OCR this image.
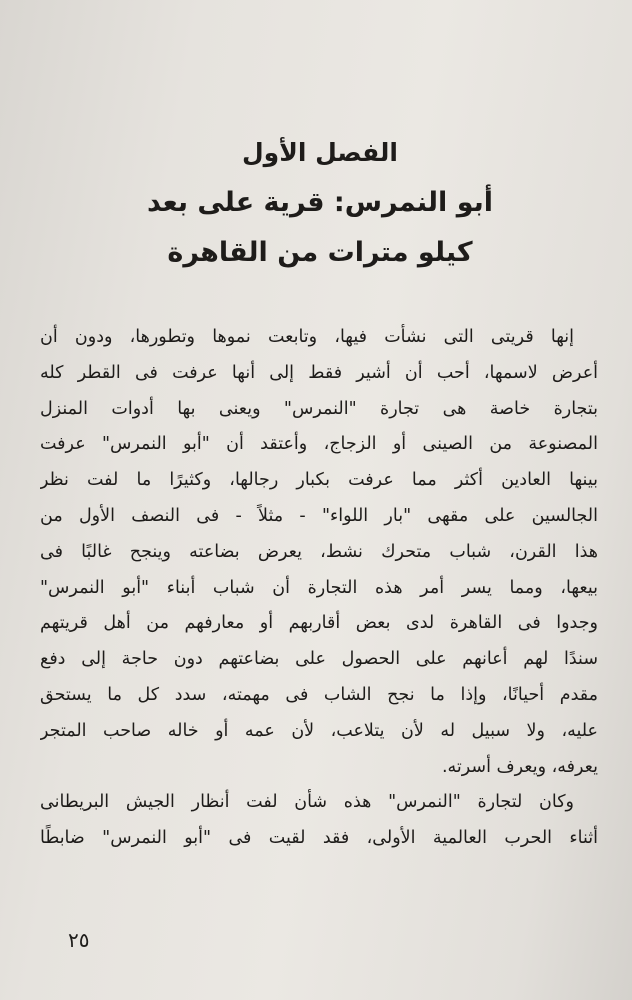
الفصل الأول
أبو النمرس: قرية على بعد
كيلو مترات من القاهرة
إنها قريتى التى نشأت فيها، وتابعت نموها وتطورها، ودون أن
أعرض لاسمها، أحب أن أشير فقط إلى أنها عرفت فى القطر كله
بتجارة خاصة هى تجارة "النمرس" ويعنى بها أدوات المنزل
المصنوعة من الصينى أو الزجاج، وأعتقد أن "أبو النمرس" عرفت
بينها العادين أكثر مما عرفت بكبار رجالها، وكثيرًا ما لفت نظر
الجالسين على مقهى "بار اللواء" - مثلاً - فى النصف الأول من
هذا القرن، شباب متحرك نشط، يعرض بضاعته وينجح غالبًا فى
بيعها، ومما يسر أمر هذه التجارة أن شباب أبناء "أبو النمرس"
وجدوا فى القاهرة لدى بعض أقاربهم أو معارفهم من أهل قريتهم
سندًا لهم أعانهم على الحصول على بضاعتهم دون حاجة إلى دفع
مقدم أحيانًا، وإذا ما نجح الشاب فى مهمته، سدد كل ما يستحق
عليه، ولا سبيل له لأن يتلاعب، لأن عمه أو خاله صاحب المتجر
يعرفه، ويعرف أسرته.
وكان لتجارة "النمرس" هذه شأن لفت أنظار الجيش البريطانى
أثناء الحرب العالمية الأولى، فقد لقيت فى "أبو النمرس" ضابطًا
٢٥
